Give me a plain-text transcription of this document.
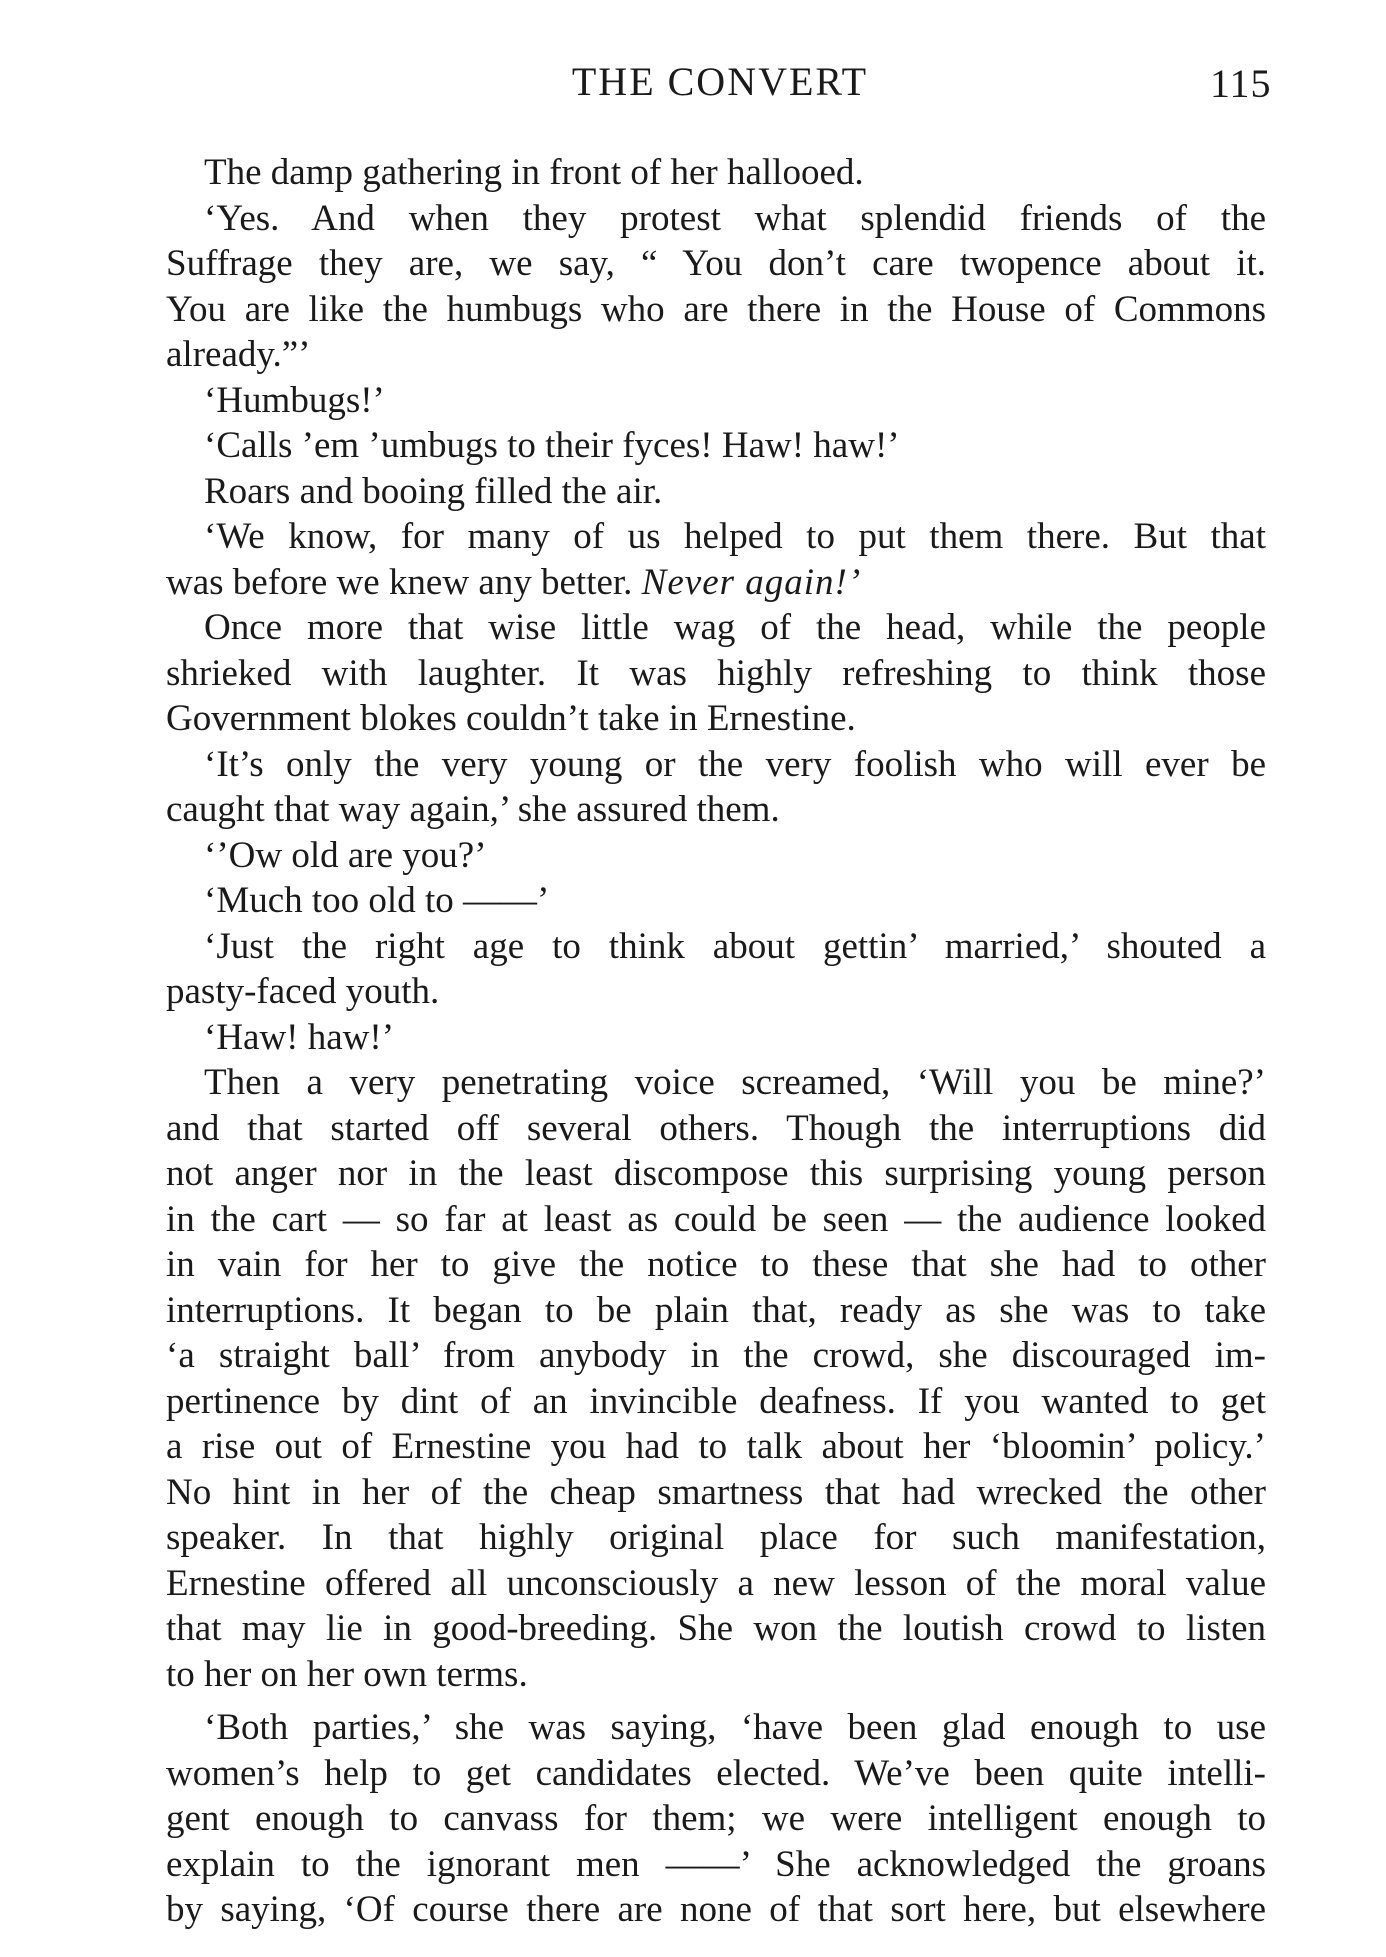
THE CONVERT	115
The damp gathering in front of her hallooed.
‘Yes. And when they protest what splendid friends of the
Suffrage they are, we say, “ You don’t care twopence about it.
You are like the humbugs who are there in the House of Commons
already.”’
‘Humbugs!’
‘Calls ’em ’umbugs to their fyces! Haw! haw!’
Roars and booing filled the air.
‘We know, for many of us helped to put them there. But that
was before we knew any better. Never again!’
Once more that wise little wag of the head, while the people
shrieked with laughter. It was highly refreshing to think those
Government blokes couldn’t take in Ernestine.
‘It’s only the very young or the very foolish who will ever be
caught that way again,’ she assured them.
‘’Ow old are you?’
‘Much too old to ——’
‘Just the right age to think about gettin’ married,’ shouted a
pasty-faced youth.
‘Haw! haw!’
Then a very penetrating voice screamed, ‘Will you be mine?’
and that started off several others. Though the interruptions did
not anger nor in the least discompose this surprising young person
in the cart — so far at least as could be seen — the audience looked
in vain for her to give the notice to these that she had to other
interruptions. It began to be plain that, ready as she was to take
‘a straight ball’ from anybody in the crowd, she discouraged im-
pertinence by dint of an invincible deafness. If you wanted to get
a rise out of Ernestine you had to talk about her ‘bloomin’ policy.’
No hint in her of the cheap smartness that had wrecked the other
speaker. In that highly original place for such manifestation,
Ernestine offered all unconsciously a new lesson of the moral value
that may lie in good-breeding. She won the loutish crowd to listen
to her on her own terms.
‘Both parties,’ she was saying, ‘have been glad enough to use
women’s help to get candidates elected. We’ve been quite intelli-
gent enough to canvass for them; we were intelligent enough to
explain to the ignorant men ——’ She acknowledged the groans
by saying, ‘Of course there are none of that sort here, but elsewhere
